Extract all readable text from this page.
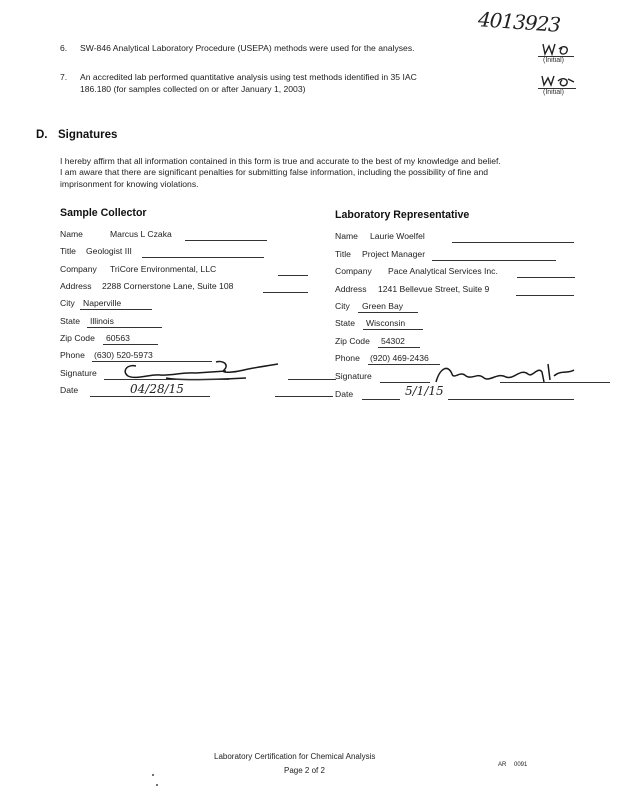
4013923
6. SW-846 Analytical Laboratory Procedure (USEPA) methods were used for the analyses.
(Initial)
7. An accredited lab performed quantitative analysis using test methods identified in 35 IAC
186.180 (for samples collected on or after January 1, 2003)	(Initial)
D. Signatures
I hereby affirm that all information contained in this form is true and accurate to the best of my knowledge and belief.
I am aware that there are significant penalties for submitting false information, including the possibility of fine and
imprisonment for knowing violations.
Sample Collector
Name	Marcus L Czaka
Title Geologist III
Company TriCore Environmental, LLC
Address 2288 Cornerstone Lane, Suite 108
City Naperville
State Illinois
Zip Code 60563
Phone (630) 520-5973
Signature
Date	04/28/15
Laboratory Representative
Name Laurie Woelfel
Title Project Manager
Company Pace Analytical Services Inc.
Address 1241 Bellevue Street, Suite 9
City Green Bay
State Wisconsin
Zip Code 54302
Phone (920) 469-2436
Signature
Date	5/1/15
Laboratory Certification for Chemical Analysis
Page 2 of 2
AR 0091
